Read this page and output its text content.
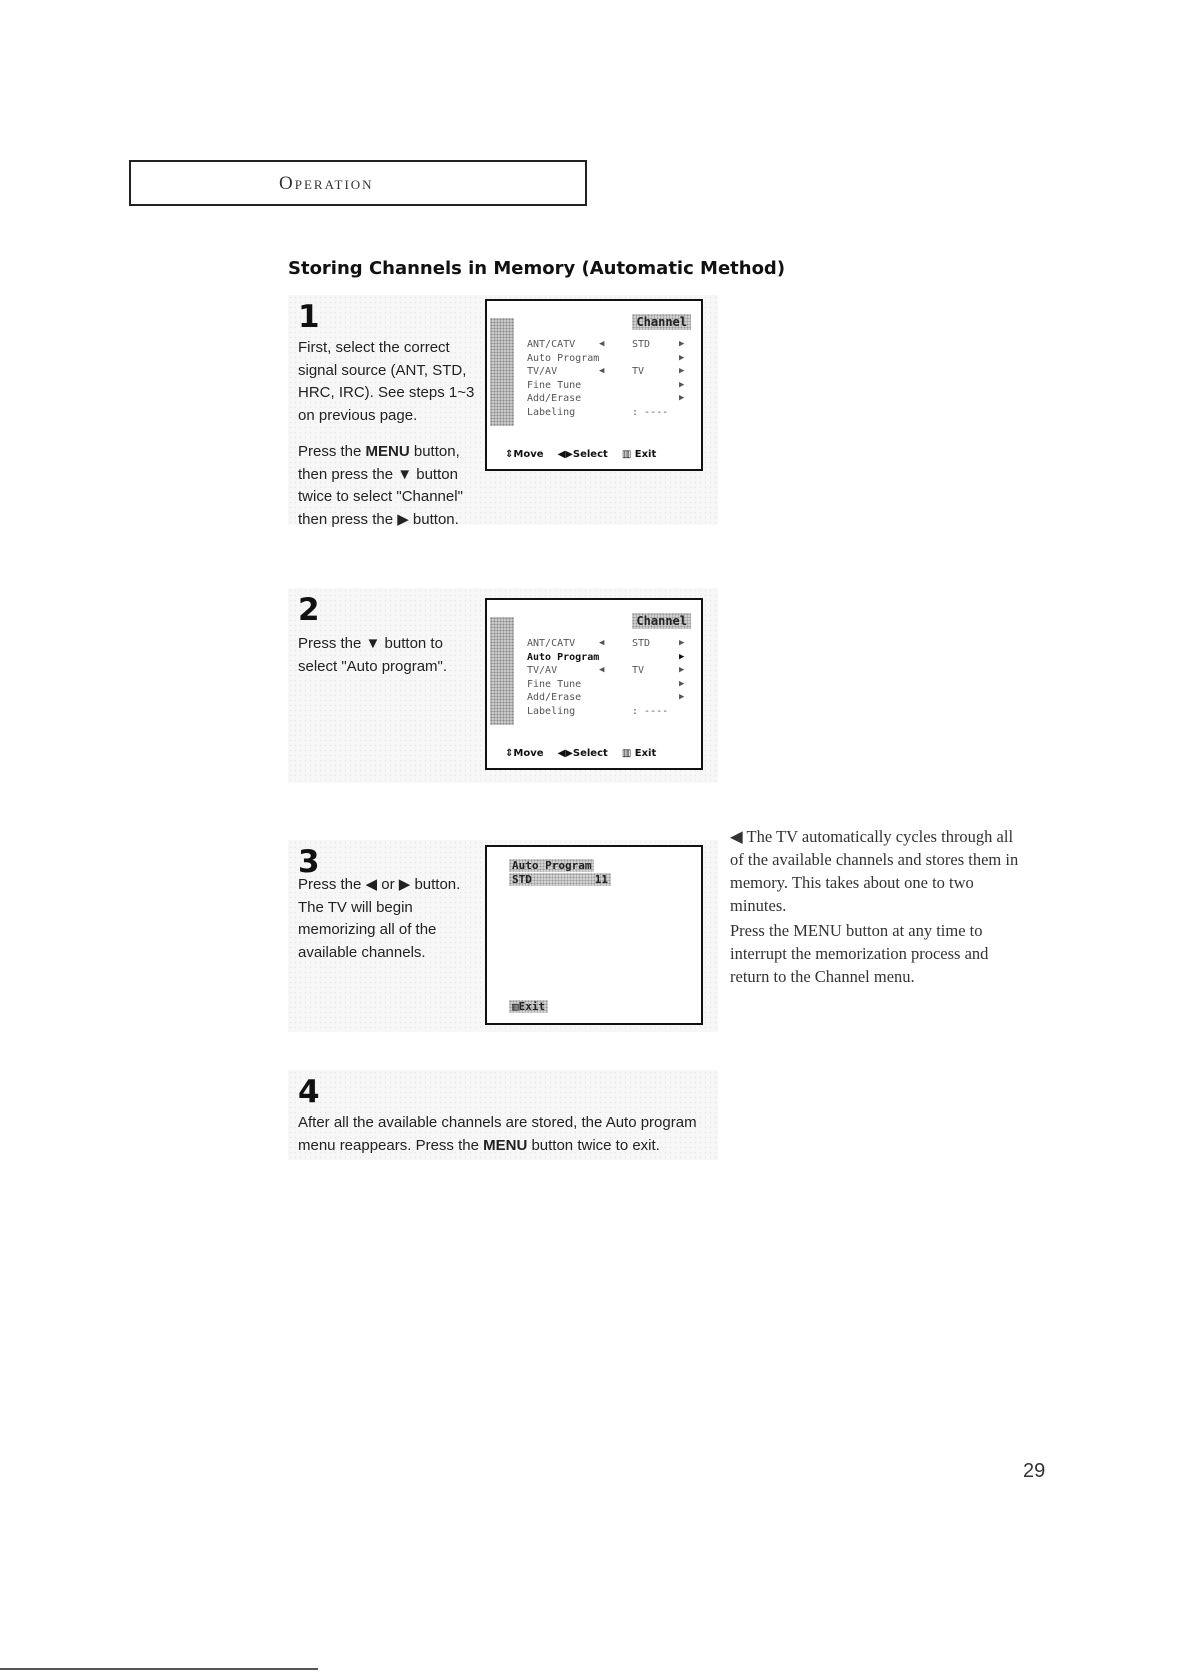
Operation
Storing Channels in Memory (Automatic Method)
1

First, select the correct signal source (ANT, STD, HRC, IRC). See steps 1~3 on previous page.

Press the MENU button, then press the ▼ button twice to select "Channel" then press the ▶ button.

Channel
ANT/CATV	◀	STD	▶
Auto Program	▶
TV/AV	◀	TV	▶
Fine Tune	▶
Add/Erase	▶
Labeling	: ----
⇕Move ◀▶Select ▥ Exit
2
Press the ▼ button to select "Auto program".
Channel
ANT/CATV	◀	STD	▶
Auto Program	▶
TV/AV	◀	TV	▶
Fine Tune	▶
Add/Erase	▶
Labeling	: ----
⇕Move ◀▶Select ▥ Exit
3
Press the ◀ or ▶ button. The TV will begin memorizing all of the available channels.
Auto Program
STD	11
▥Exit
4
After all the available channels are stored, the Auto program menu reappears. Press the MENU button twice to exit.

◀ The TV automatically cycles through all of the available channels and stores them in memory. This takes about one to two minutes.

Press the MENU button at any time to interrupt the memorization process and return to the Channel menu.

29
